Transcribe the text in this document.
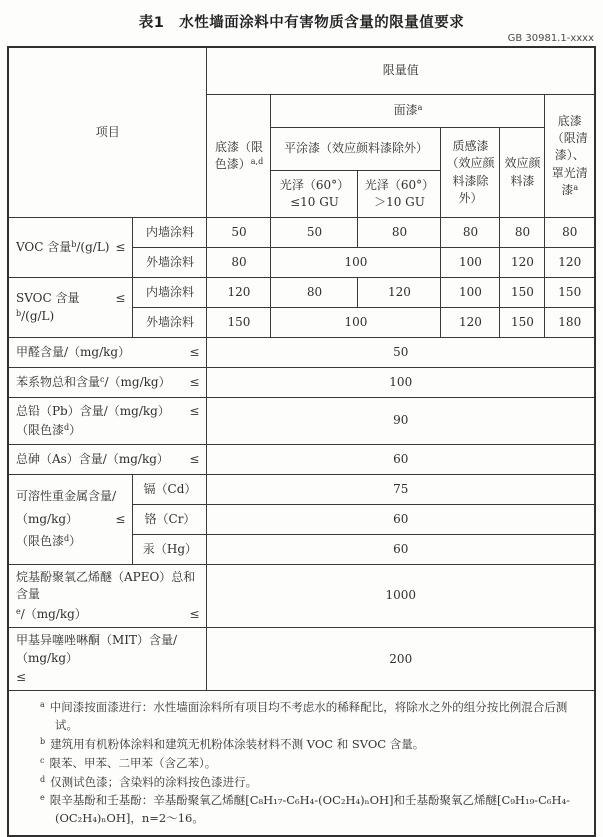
表1　水性墙面涂料中有害物质含量的限量值要求
GB 30981.1-xxxx
项目		限量值					
		底漆（限色漆）$^{a,d}$	面漆$^a$				底漆（限清漆）、罩光清漆$^a$
			平涂漆（效应颜料漆除外）		质感漆（效应颜料漆除外）	效应颜料漆	
			光泽（60°）≤10 GU	光泽（60°）＞10 GU			

VOC 含量$^b$/(g/L) ≤	内墙涂料	50	50	80	80	80	80
	外墙涂料	80	100		100	120	120

SVOC 含量$^b$/(g/L)
≤	内墙涂料	120	80	120	100	150	150
	外墙涂料	150	100		120	150	180

甲醛含量/（mg/kg） ≤		50					

苯系物总和含量$^c$/（mg/kg） ≤		100					

总铅（Pb）含量/（mg/kg） ≤
（限色漆$^d$）		90					

总砷（As）含量/（mg/kg） ≤		60					

可溶性重金属含量/
（mg/kg） ≤
（限色漆$^d$）	镉（Cd）	75					
	铬（Cr）	60					
	汞（Hg）	60					

烷基酚聚氧乙烯醚（APEO）总和含量
$^e$/（mg/kg） ≤		1000					

甲基异噻唑啉酮（MIT）含量/（mg/kg）
≤		200					

$^a$ 中间漆按面漆进行：水性墙面涂料所有项目均不考虑水的稀释配比，将除水之外的组分按比例混合后测试。
$^b$ 建筑用有机粉体涂料和建筑无机粉体涂装材料不测 VOC 和 SVOC 含量。
$^c$ 限苯、甲苯、二甲苯（含乙苯）。
$^d$ 仅测试色漆；含染料的涂料按色漆进行。
$^e$ 限辛基酚和壬基酚：辛基酚聚氧乙烯醚[C₈H₁₇-C₆H₄-(OC₂H₄)ₙOH]和壬基酚聚氧乙烯醚[C₉H₁₉-C₆H₄-(OC₂H₄)ₙOH]，n=2～16。							
